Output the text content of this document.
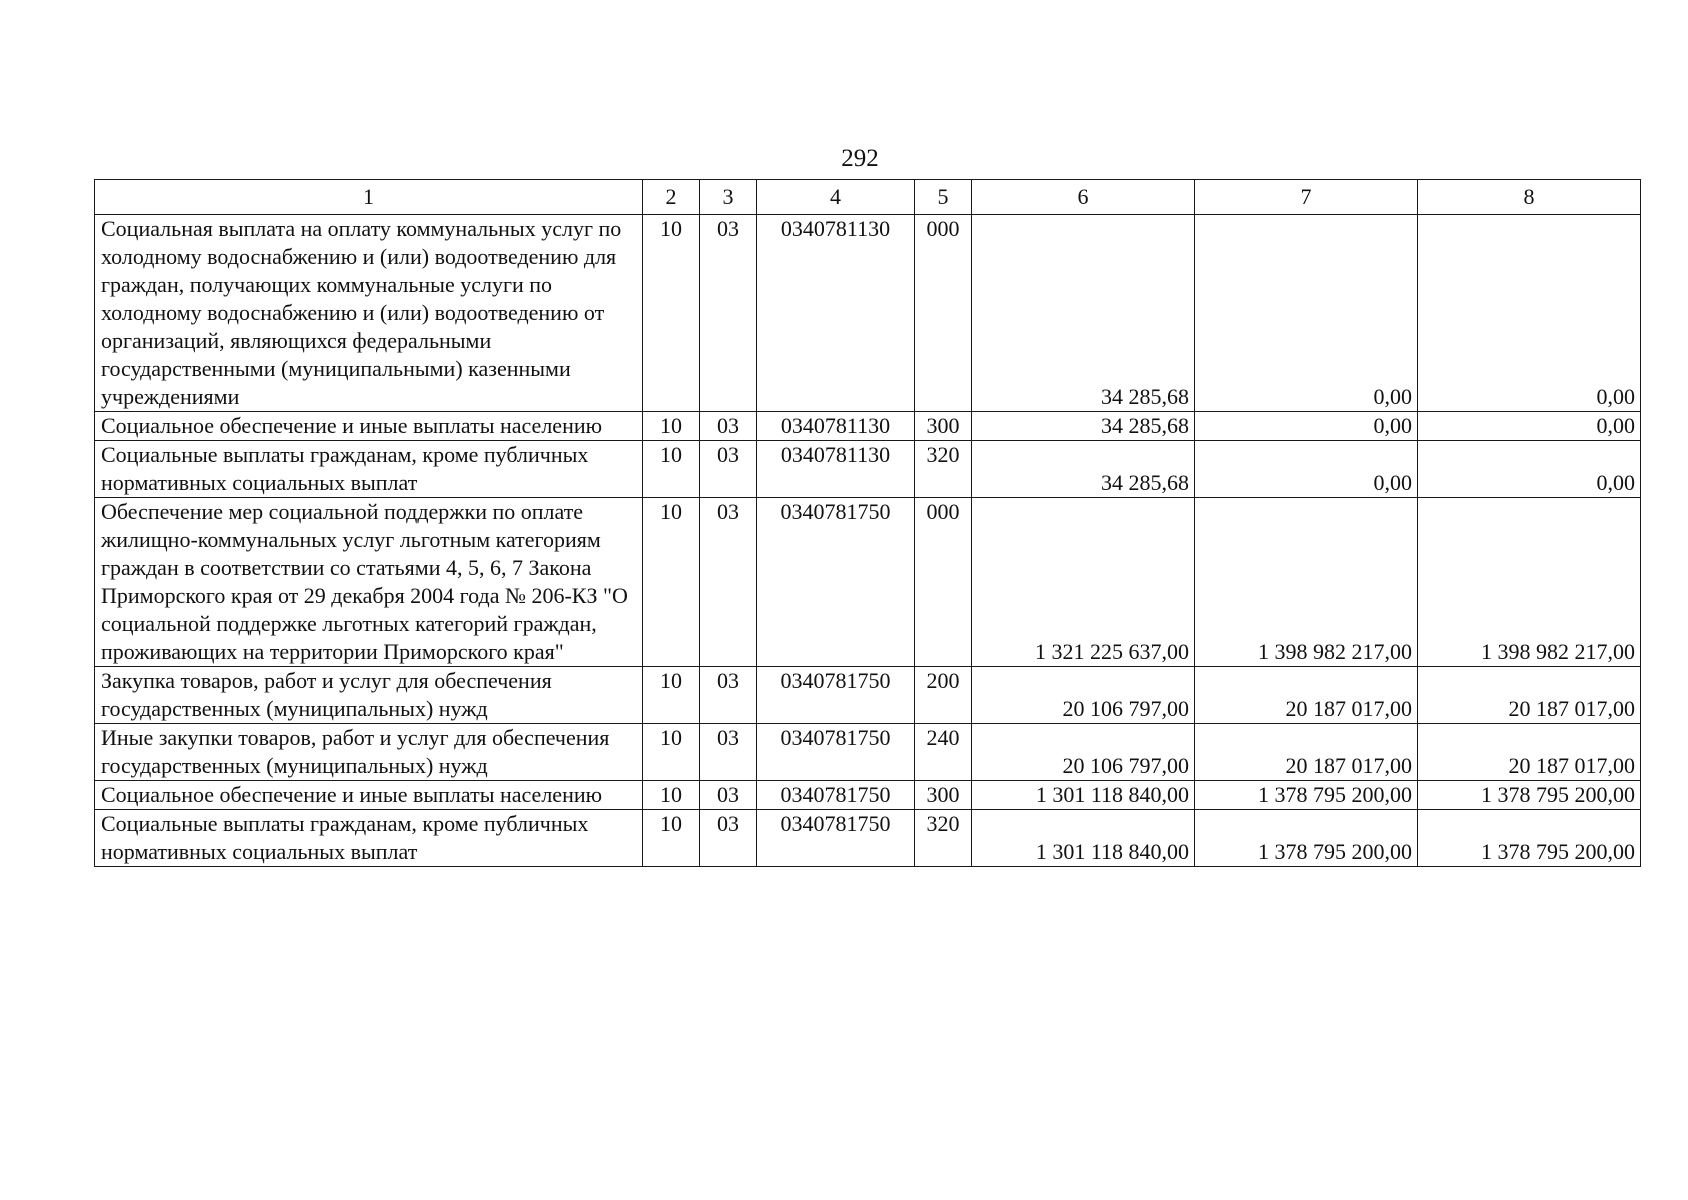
292
1	2	3	4	5	6	7	8
Социальная выплата на оплату коммунальных услуг по холодному водоснабжению и (или) водоотведению для граждан, получающих коммунальные услуги по холодному водоснабжению и (или) водоотведению от организаций, являющихся федеральными государственными (муниципальными) казенными учреждениями	10	03	0340781130	000	34 285,68	0,00	0,00
Социальное обеспечение и иные выплаты населению	10	03	0340781130	300	34 285,68	0,00	0,00
Социальные выплаты гражданам, кроме публичных нормативных социальных выплат	10	03	0340781130	320	34 285,68	0,00	0,00
Обеспечение мер социальной поддержки по оплате жилищно-коммунальных услуг льготным категориям граждан в соответствии со статьями 4, 5, 6, 7 Закона Приморского края от 29 декабря 2004 года № 206-КЗ "О социальной поддержке льготных категорий граждан, проживающих на территории Приморского края"	10	03	0340781750	000	1 321 225 637,00	1 398 982 217,00	1 398 982 217,00
Закупка товаров, работ и услуг для обеспечения государственных (муниципальных) нужд	10	03	0340781750	200	20 106 797,00	20 187 017,00	20 187 017,00
Иные закупки товаров, работ и услуг для обеспечения государственных (муниципальных) нужд	10	03	0340781750	240	20 106 797,00	20 187 017,00	20 187 017,00
Социальное обеспечение и иные выплаты населению	10	03	0340781750	300	1 301 118 840,00	1 378 795 200,00	1 378 795 200,00
Социальные выплаты гражданам, кроме публичных нормативных социальных выплат	10	03	0340781750	320	1 301 118 840,00	1 378 795 200,00	1 378 795 200,00
